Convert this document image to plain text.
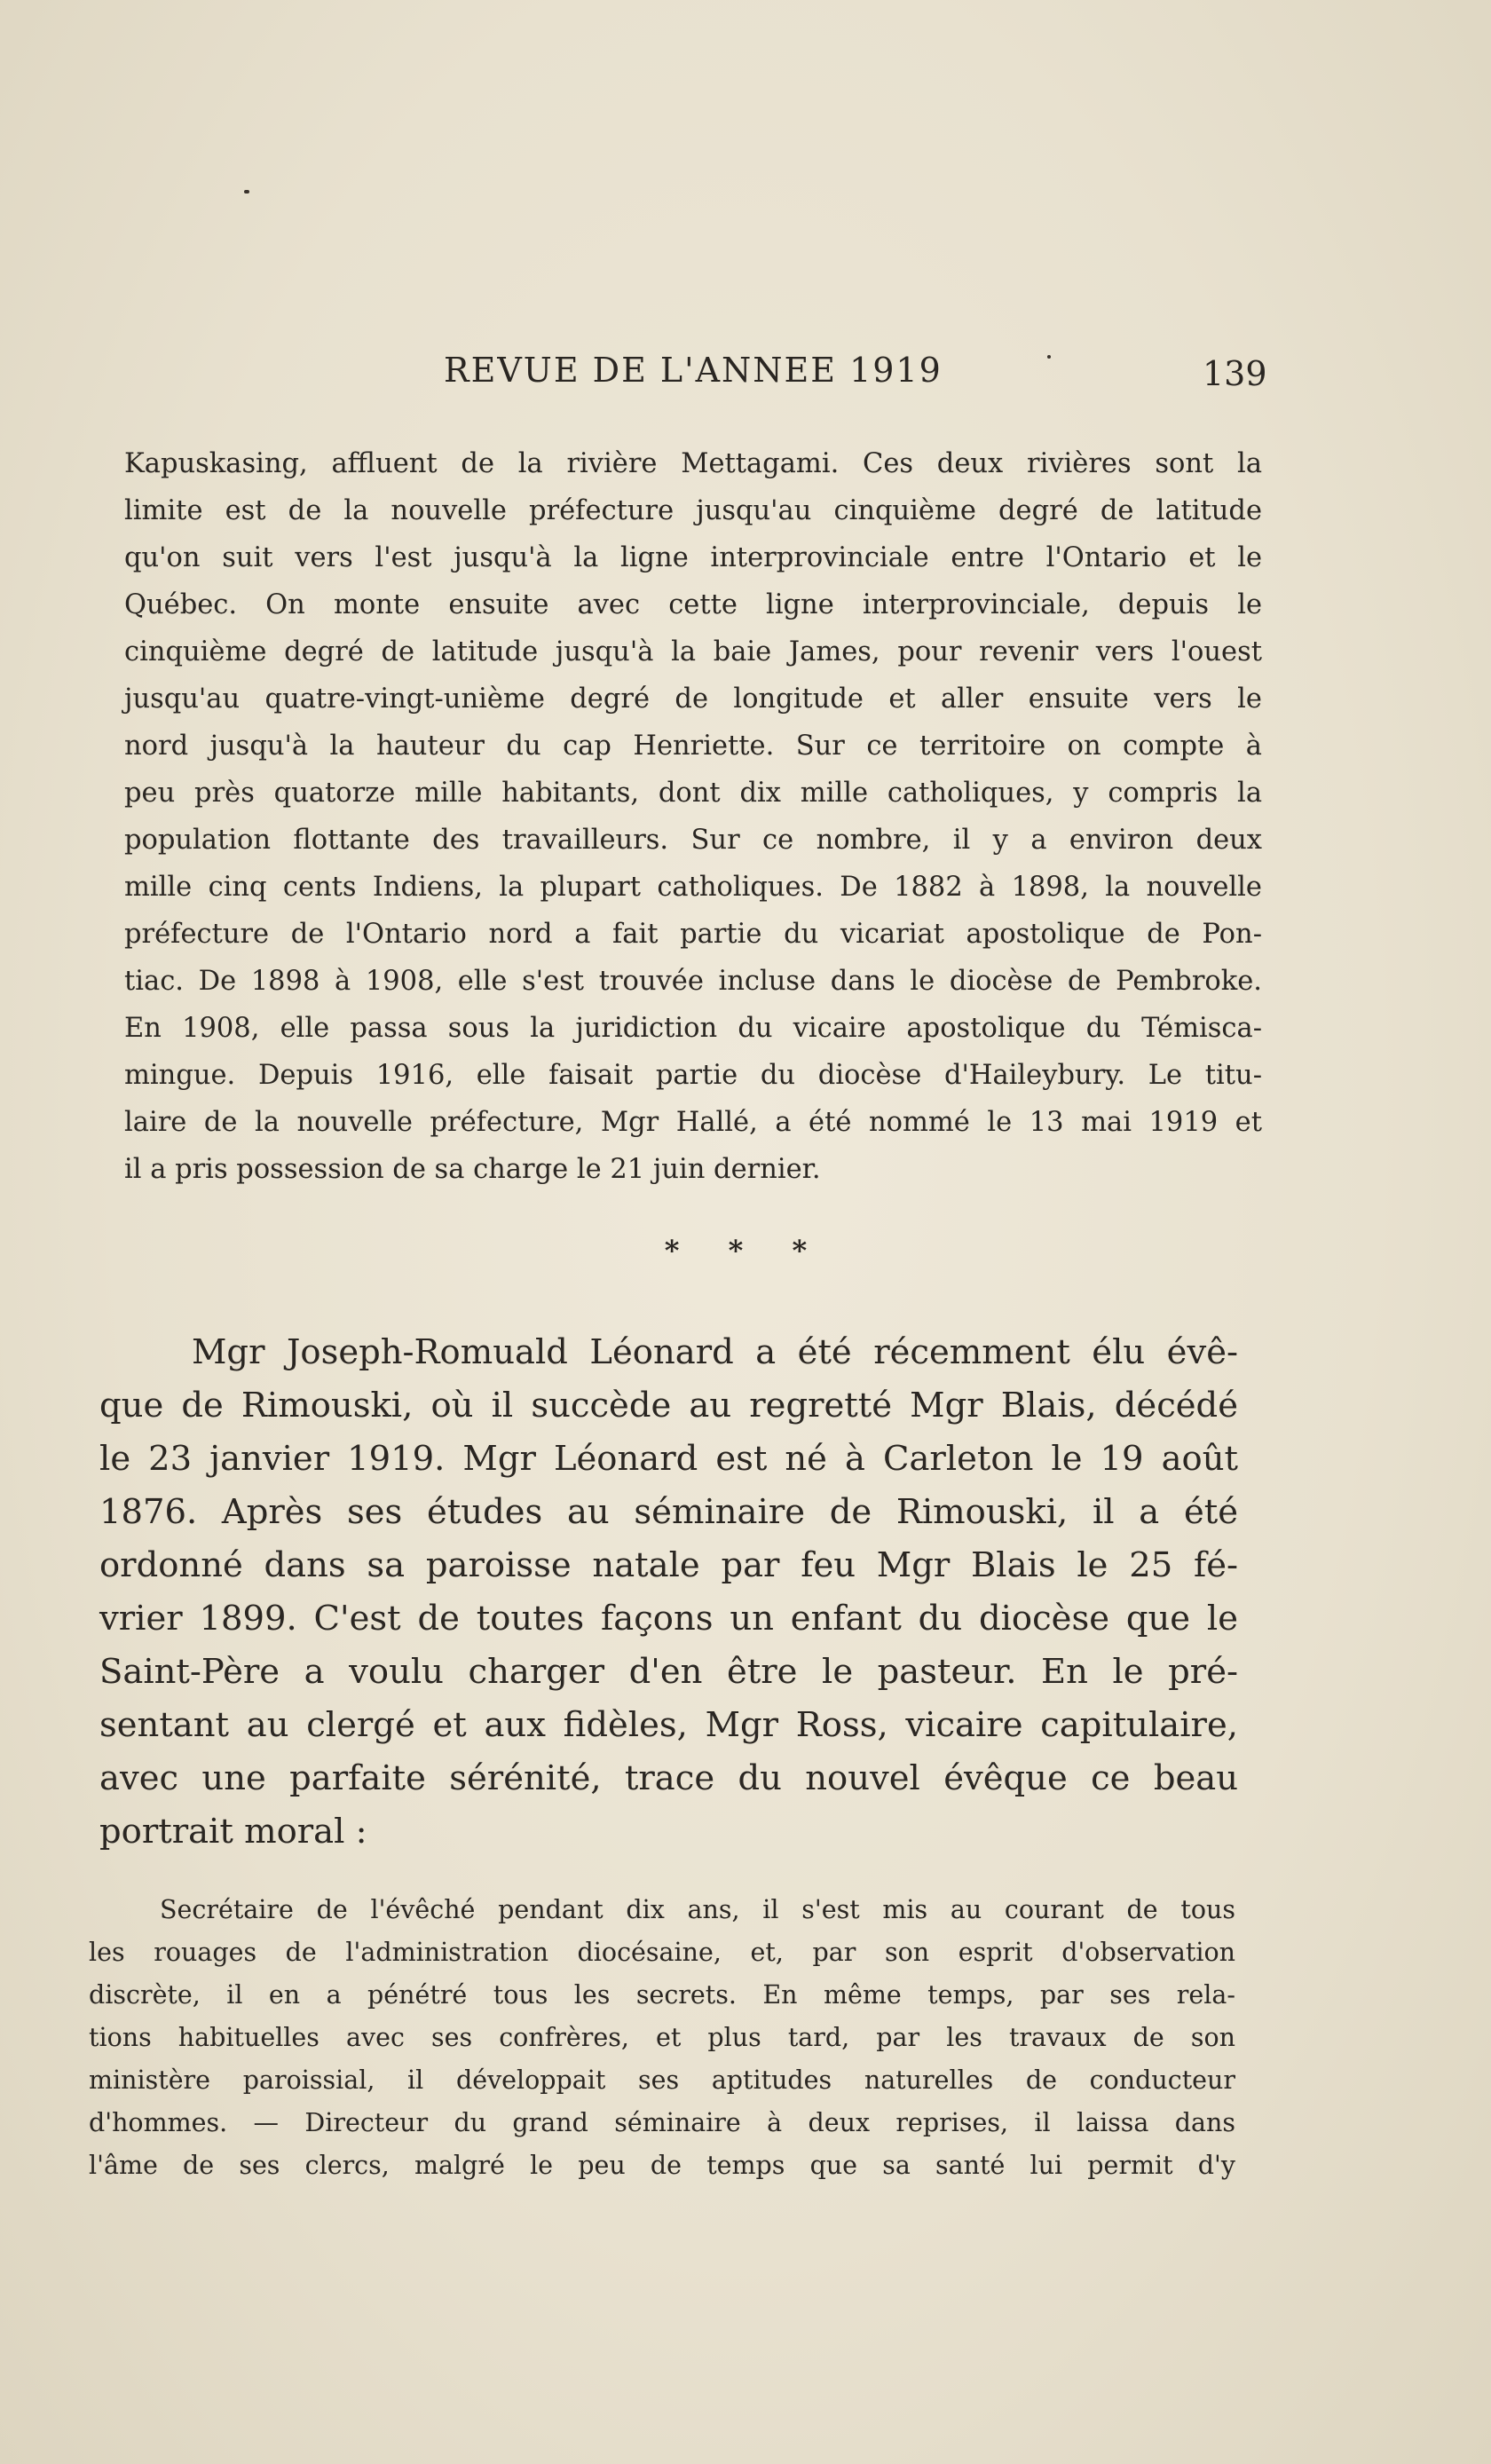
REVUE DE L'ANNEE 1919	139
Kapuskasing, affluent de la rivière Mettagami. Ces deux rivières sont la
limite est de la nouvelle préfecture jusqu'au cinquième degré de latitude
qu'on suit vers l'est jusqu'à la ligne interprovinciale entre l'Ontario et le
Québec. On monte ensuite avec cette ligne interprovinciale, depuis le
cinquième degré de latitude jusqu'à la baie James, pour revenir vers l'ouest
jusqu'au quatre-vingt-unième degré de longitude et aller ensuite vers le
nord jusqu'à la hauteur du cap Henriette. Sur ce territoire on compte à
peu près quatorze mille habitants, dont dix mille catholiques, y compris la
population flottante des travailleurs. Sur ce nombre, il y a environ deux
mille cinq cents Indiens, la plupart catholiques. De 1882 à 1898, la nouvelle
préfecture de l'Ontario nord a fait partie du vicariat apostolique de Pon-
tiac. De 1898 à 1908, elle s'est trouvée incluse dans le diocèse de Pembroke.
En 1908, elle passa sous la juridiction du vicaire apostolique du Témisca-
mingue. Depuis 1916, elle faisait partie du diocèse d'Haileybury. Le titu-
laire de la nouvelle préfecture, Mgr Hallé, a été nommé le 13 mai 1919 et
il a pris possession de sa charge le 21 juin dernier.
* * *
Mgr Joseph-Romuald Léonard a été récemment élu évê-
que de Rimouski, où il succède au regretté Mgr Blais, décédé
le 23 janvier 1919. Mgr Léonard est né à Carleton le 19 août
1876. Après ses études au séminaire de Rimouski, il a été
ordonné dans sa paroisse natale par feu Mgr Blais le 25 fé-
vrier 1899. C'est de toutes façons un enfant du diocèse que le
Saint-Père a voulu charger d'en être le pasteur. En le pré-
sentant au clergé et aux fidèles, Mgr Ross, vicaire capitulaire,
avec une parfaite sérénité, trace du nouvel évêque ce beau
portrait moral :
Secrétaire de l'évêché pendant dix ans, il s'est mis au courant de tous
les rouages de l'administration diocésaine, et, par son esprit d'observation
discrète, il en a pénétré tous les secrets. En même temps, par ses rela-
tions habituelles avec ses confrères, et plus tard, par les travaux de son
ministère paroissial, il développait ses aptitudes naturelles de conducteur
d'hommes. — Directeur du grand séminaire à deux reprises, il laissa dans
l'âme de ses clercs, malgré le peu de temps que sa santé lui permit d'y
